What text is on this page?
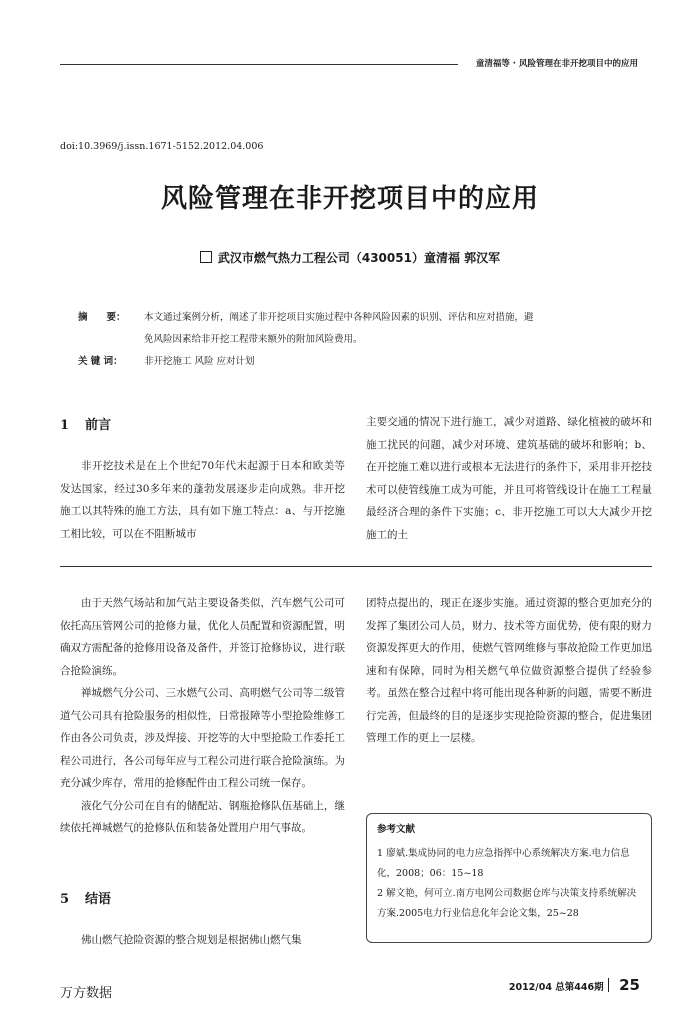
童清福等 · 风险管理在非开挖项目中的应用
doi:10.3969/j.issn.1671-5152.2012.04.006
风险管理在非开挖项目中的应用
武汉市燃气热力工程公司（430051）童清福 郭汉军
摘　　要： 本文通过案例分析，阐述了非开挖项目实施过程中各种风险因素的识别、评估和应对措施，避
免风险因素给非开挖工程带来额外的附加风险费用。
关 键 词： 非开挖施工 风险 应对计划
1 前言

非开挖技术是在上个世纪70年代末起源于日本和欧美等发达国家，经过30多年来的蓬勃发展逐步走向成熟。非开挖施工以其特殊的施工方法，具有如下施工特点：a、与开挖施工相比较，可以在不阻断城市

主要交通的情况下进行施工，减少对道路、绿化植被的破坏和施工扰民的问题，减少对环境、建筑基础的破坏和影响；b、在开挖施工难以进行或根本无法进行的条件下，采用非开挖技术可以使管线施工成为可能，并且可将管线设计在施工工程量最经济合理的条件下实施；c、非开挖施工可以大大减少开挖施工的土

由于天然气场站和加气站主要设备类似，汽车燃气公司可依托高压管网公司的抢修力量，优化人员配置和资源配置，明确双方需配备的抢修用设备及备件，并签订抢修协议，进行联合抢险演练。

禅城燃气分公司、三水燃气公司、高明燃气公司等二级管道气公司具有抢险服务的相似性，日常报障等小型抢险维修工作由各公司负责，涉及焊接、开挖等的大中型抢险工作委托工程公司进行，各公司每年应与工程公司进行联合抢险演练。为充分减少库存，常用的抢修配件由工程公司统一保存。

液化气分公司在自有的储配站、钢瓶抢修队伍基础上，继续依托禅城燃气的抢修队伍和装备处置用户用气事故。

5 结语

佛山燃气抢险资源的整合规划是根据佛山燃气集

团特点提出的，现正在逐步实施。通过资源的整合更加充分的发挥了集团公司人员，财力、技术等方面优势，使有限的财力资源发挥更大的作用，使燃气管网维修与事故抢险工作更加迅速和有保障，同时为相关燃气单位做资源整合提供了经验参考。虽然在整合过程中将可能出现各种新的问题，需要不断进行完善，但最终的目的是逐步实现抢险资源的整合，促进集团管理工作的更上一层楼。

参考文献
1 廖斌.集成协同的电力应急指挥中心系统解决方案.电力信息化，2008；06：15~18
2 解文艳，何可立.南方电网公司数据仓库与决策支持系统解决方案.2005电力行业信息化年会论文集，25~28
万方数据	2012/04 总第446期 25
